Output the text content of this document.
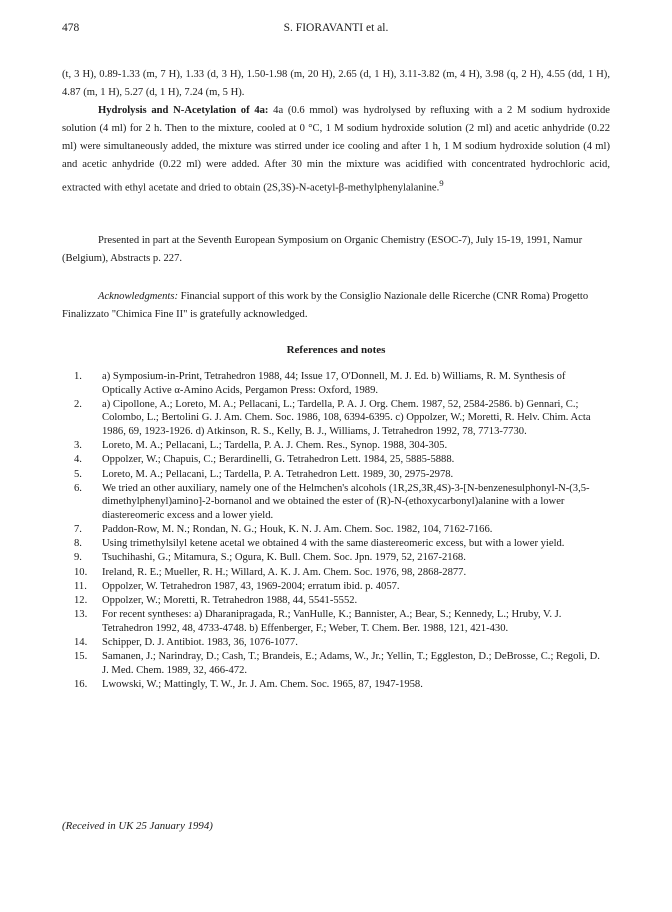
478	S. FIORAVANTI et al.
(t, 3 H), 0.89-1.33 (m, 7 H), 1.33 (d, 3 H), 1.50-1.98 (m, 20 H), 2.65 (d, 1 H), 3.11-3.82 (m, 4 H), 3.98 (q, 2 H), 4.55 (dd, 1 H), 4.87 (m, 1 H), 5.27 (d, 1 H), 7.24 (m, 5 H).
Hydrolysis and N-Acetylation of 4a: 4a (0.6 mmol) was hydrolysed by refluxing with a 2 M sodium hydroxide solution (4 ml) for 2 h. Then to the mixture, cooled at 0 °C, 1 M sodium hydroxide solution (2 ml) and acetic anhydride (0.22 ml) were simultaneously added, the mixture was stirred under ice cooling and after 1 h, 1 M sodium hydroxide solution (4 ml) and acetic anhydride (0.22 ml) were added. After 30 min the mixture was acidified with concentrated hydrochloric acid, extracted with ethyl acetate and dried to obtain (2S,3S)-N-acetyl-β-methylphenylalanine.$^9$
Presented in part at the Seventh European Symposium on Organic Chemistry (ESOC-7), July 15-19, 1991, Namur (Belgium), Abstracts p. 227.
Acknowledgments: Financial support of this work by the Consiglio Nazionale delle Ricerche (CNR Roma) Progetto Finalizzato "Chimica Fine II" is gratefully acknowledged.
References and notes
1.	a) Symposium-in-Print, Tetrahedron 1988, 44; Issue 17, O'Donnell, M. J. Ed. b) Williams, R. M. Synthesis of Optically Active α-Amino Acids, Pergamon Press: Oxford, 1989.
2.	a) Cipollone, A.; Loreto, M. A.; Pellacani, L.; Tardella, P. A. J. Org. Chem. 1987, 52, 2584-2586. b) Gennari, C.; Colombo, L.; Bertolini G. J. Am. Chem. Soc. 1986, 108, 6394-6395. c) Oppolzer, W.; Moretti, R. Helv. Chim. Acta 1986, 69, 1923-1926. d) Atkinson, R. S., Kelly, B. J., Williams, J. Tetrahedron 1992, 78, 7713-7730.
3.	Loreto, M. A.; Pellacani, L.; Tardella, P. A. J. Chem. Res., Synop. 1988, 304-305.
4.	Oppolzer, W.; Chapuis, C.; Berardinelli, G. Tetrahedron Lett. 1984, 25, 5885-5888.
5.	Loreto, M. A.; Pellacani, L.; Tardella, P. A. Tetrahedron Lett. 1989, 30, 2975-2978.
6.	We tried an other auxiliary, namely one of the Helmchen's alcohols (1R,2S,3R,4S)-3-[N-benzenesulphonyl-N-(3,5-dimethylphenyl)amino]-2-bornanol and we obtained the ester of (R)-N-(ethoxycarbonyl)alanine with a lower diastereomeric excess and a lower yield.
7.	Paddon-Row, M. N.; Rondan, N. G.; Houk, K. N. J. Am. Chem. Soc. 1982, 104, 7162-7166.
8.	Using trimethylsilyl ketene acetal we obtained 4 with the same diastereomeric excess, but with a lower yield.
9.	Tsuchihashi, G.; Mitamura, S.; Ogura, K. Bull. Chem. Soc. Jpn. 1979, 52, 2167-2168.
10.	Ireland, R. E.; Mueller, R. H.; Willard, A. K. J. Am. Chem. Soc. 1976, 98, 2868-2877.
11.	Oppolzer, W. Tetrahedron 1987, 43, 1969-2004; erratum ibid. p. 4057.
12.	Oppolzer, W.; Moretti, R. Tetrahedron 1988, 44, 5541-5552.
13.	For recent syntheses: a) Dharanipragada, R.; VanHulle, K.; Bannister, A.; Bear, S.; Kennedy, L.; Hruby, V. J. Tetrahedron 1992, 48, 4733-4748. b) Effenberger, F.; Weber, T. Chem. Ber. 1988, 121, 421-430.
14.	Schipper, D. J. Antibiot. 1983, 36, 1076-1077.
15.	Samanen, J.; Narindray, D.; Cash, T.; Brandeis, E.; Adams, W., Jr.; Yellin, T.; Eggleston, D.; DeBrosse, C.; Regoli, D. J. Med. Chem. 1989, 32, 466-472.
16.	Lwowski, W.; Mattingly, T. W., Jr. J. Am. Chem. Soc. 1965, 87, 1947-1958.
(Received in UK 25 January 1994)
